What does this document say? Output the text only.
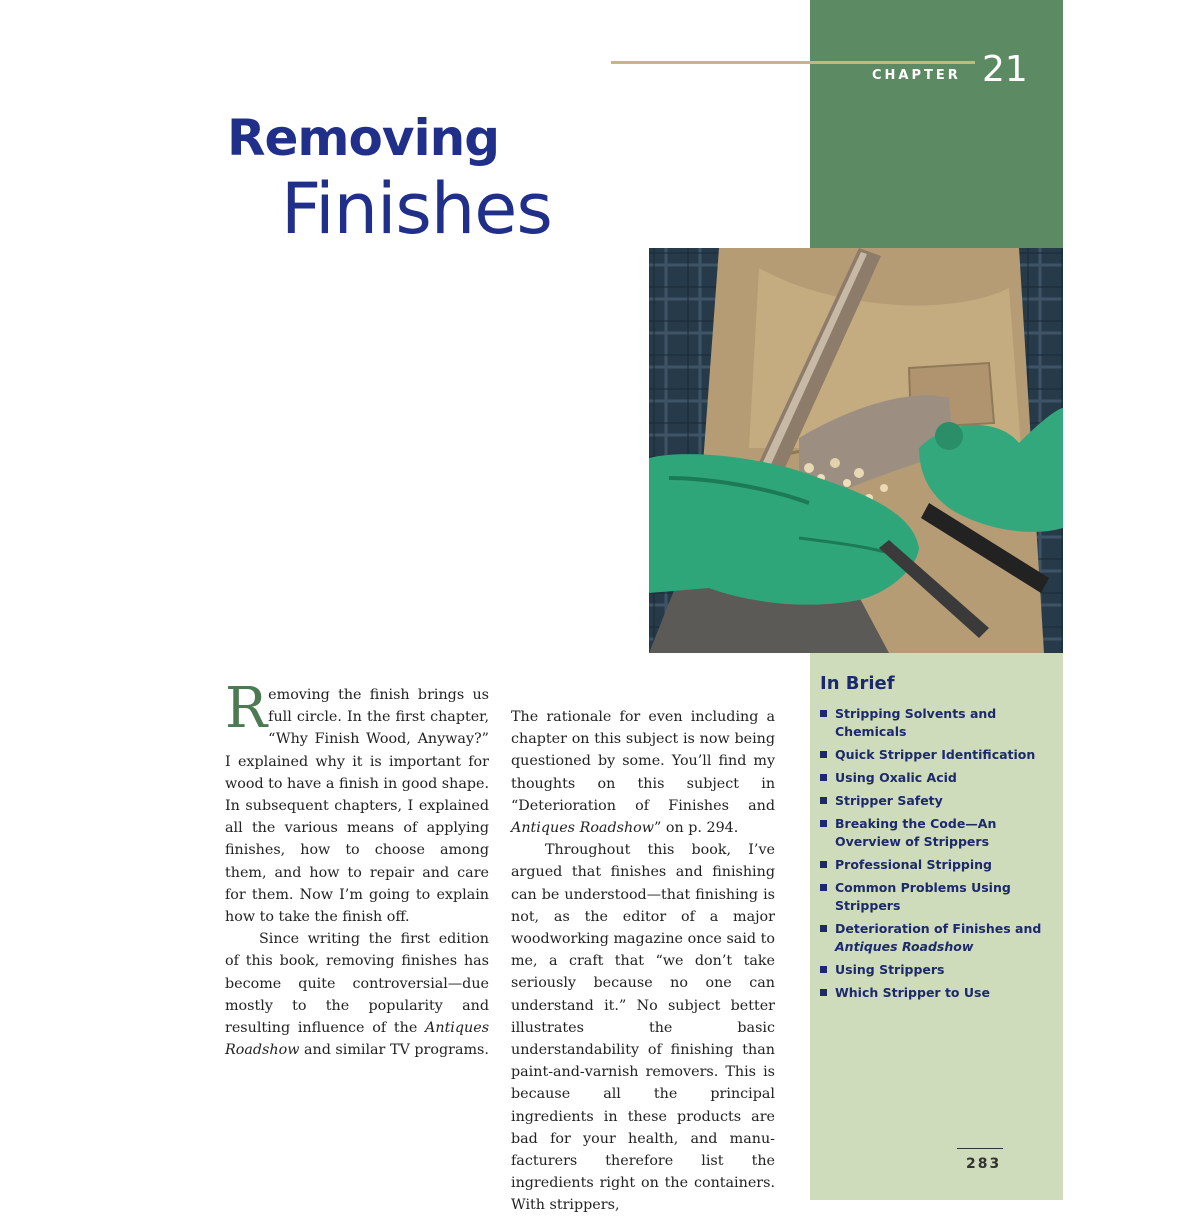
CHAPTER 21
Removing
Finishes
In Brief
Stripping Solvents and Chemicals
Quick Stripper Identification
Using Oxalic Acid
Stripper Safety
Breaking the Code—An Overview of Strippers
Professional Stripping
Common Problems Using Strippers
Deterioration of Finishes and Antiques Roadshow
Using Strippers
Which Stripper to Use

Removing the finish brings us full circle. In the first chapter, “Why Finish Wood, Anyway?” I explained why it is important for wood to have a finish in good shape. In subsequent chapters, I explained all the various means of applying finishes, how to choose among them, and how to repair and care for them. Now I’m going to explain how to take the finish off.

Since writing the first edition of this book, removing finishes has become quite controversial—due mostly to the popularity and resulting influence of the Antiques Roadshow and similar TV programs.

The rationale for even including a chapter on this subject is now being questioned by some. You’ll find my thoughts on this subject in “Deterioration of Finishes and Antiques Roadshow” on p. 294.

Throughout this book, I’ve argued that finishes and finishing can be understood—that finishing is not, as the editor of a major woodworking magazine once said to me, a craft that “we don’t take seriously because no one can understand it.” No subject better illustrates the basic understandability of finishing than paint-and-varnish removers. This is because all the principal ingredients in these products are bad for your health, and manufacturers therefore list the ingredients right on the containers. With strippers,

283
